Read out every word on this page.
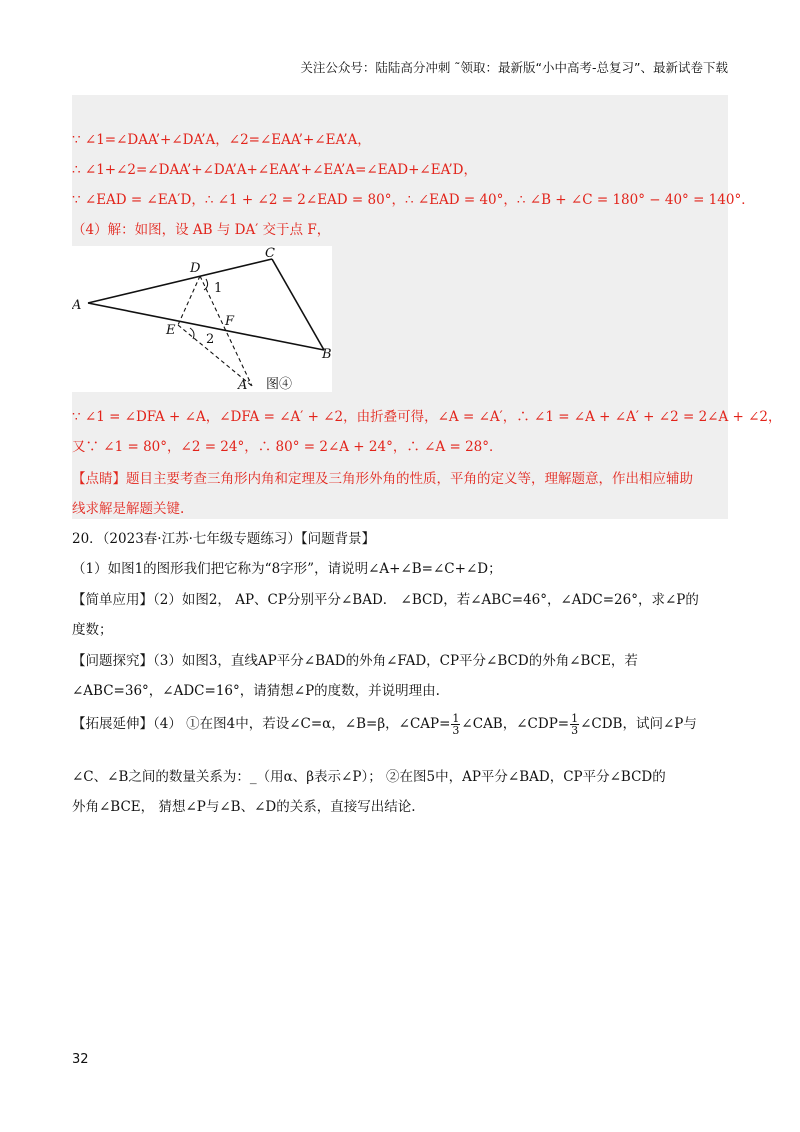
关注公众号：陆陆高分冲刺 ˜领取：最新版“小中高考-总复习”、最新试卷下载
∵ ∠1=∠DAA’+∠DA’A，∠2=∠EAA’+∠EA’A，
∴ ∠1+∠2=∠DAA’+∠DA’A+∠EAA’+∠EA’A=∠EAD+∠EA’D，
∵ ∠EAD = ∠EA′D，∴ ∠1 + ∠2 = 2∠EAD = 80°，∴ ∠EAD = 40°，∴ ∠B + ∠C = 180° − 40° = 140°．
（4）解：如图，设 AB 与 DA′ 交于点 F，
A
D
C
E
F
B
A′
1
2
图④
∵ ∠1 = ∠DFA + ∠A，∠DFA = ∠A′ + ∠2，由折叠可得，∠A = ∠A′，∴ ∠1 = ∠A + ∠A′ + ∠2 = 2∠A + ∠2，
又∵ ∠1 = 80°，∠2 = 24°，∴ 80° = 2∠A + 24°，∴ ∠A = 28°．
【点睛】题目主要考查三角形内角和定理及三角形外角的性质，平角的定义等，理解题意，作出相应辅助
线求解是解题关键.
20．（2023春·江苏·七年级专题练习）【问题背景】
（1）如图1的图形我们把它称为“8字形”，请说明∠A+∠B=∠C+∠D；
【简单应用】（2）如图2， AP、CP分别平分∠BAD． ∠BCD，若∠ABC=46°，∠ADC=26°，求∠P的
度数；
【问题探究】（3）如图3，直线AP平分∠BAD的外角∠FAD，CP平分∠BCD的外角∠BCE，若
∠ABC=36°，∠ADC=16°，请猜想∠P的度数，并说明理由.
【拓展延伸】（4） ①在图4中，若设∠C=α，∠B=β，∠CAP= $\frac{1}{3}$ ∠CAB，∠CDP= $\frac{1}{3}$ ∠CDB，试问∠P与
∠C、∠B之间的数量关系为：_（用α、β表示∠P）； ②在图5中，AP平分∠BAD，CP平分∠BCD的
外角∠BCE， 猜想∠P与∠B、∠D的关系，直接写出结论.
32
